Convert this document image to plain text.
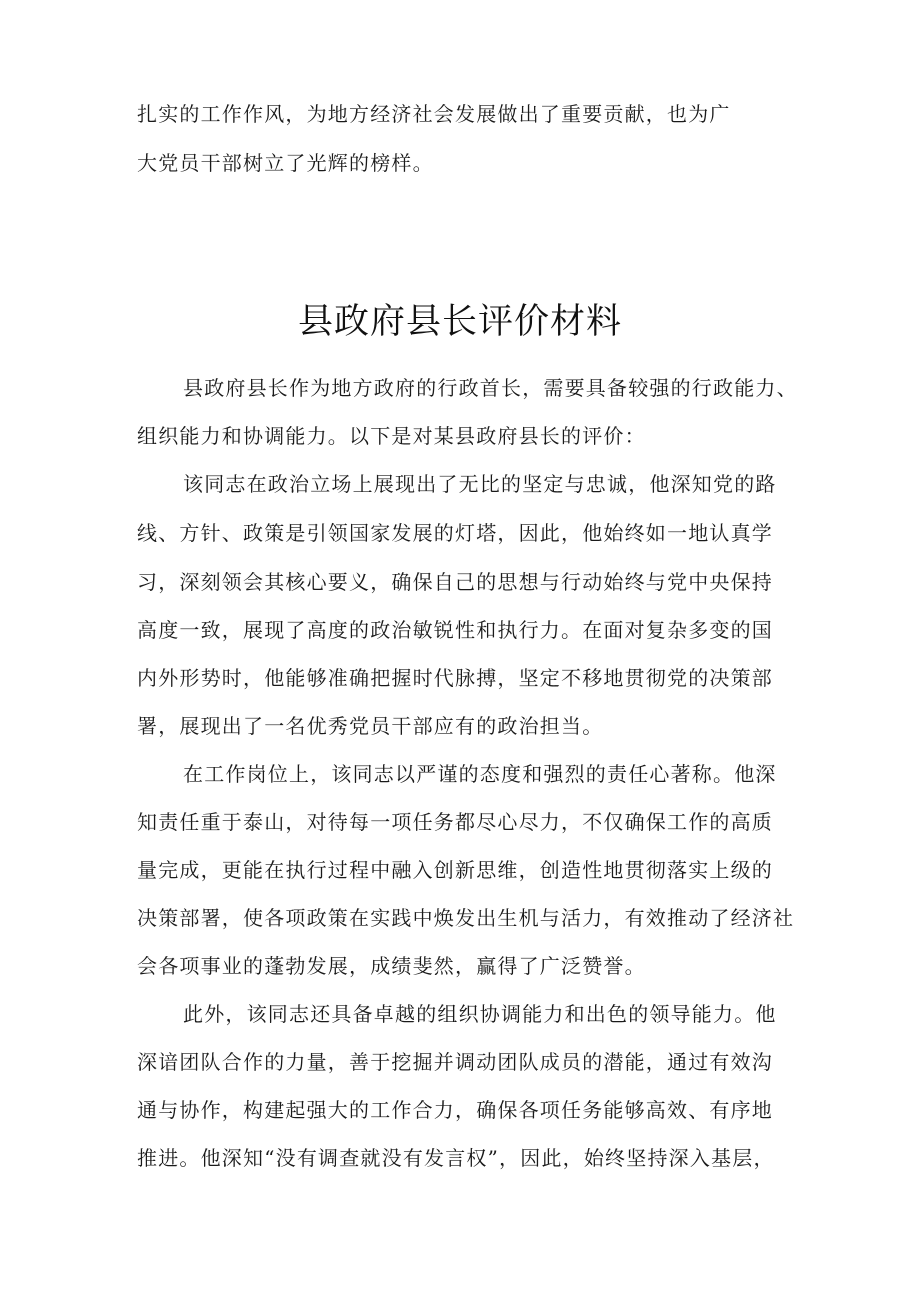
扎实的工作作风，为地方经济社会发展做出了重要贡献，也为广
大党员干部树立了光辉的榜样。
县政府县长评价材料
县政府县长作为地方政府的行政首长，需要具备较强的行政能力、
组织能力和协调能力。以下是对某县政府县长的评价：
该同志在政治立场上展现出了无比的坚定与忠诚，他深知党的路
线、方针、政策是引领国家发展的灯塔，因此，他始终如一地认真学
习，深刻领会其核心要义，确保自己的思想与行动始终与党中央保持
高度一致，展现了高度的政治敏锐性和执行力。在面对复杂多变的国
内外形势时，他能够准确把握时代脉搏，坚定不移地贯彻党的决策部
署，展现出了一名优秀党员干部应有的政治担当。
在工作岗位上，该同志以严谨的态度和强烈的责任心著称。他深
知责任重于泰山，对待每一项任务都尽心尽力，不仅确保工作的高质
量完成，更能在执行过程中融入创新思维，创造性地贯彻落实上级的
决策部署，使各项政策在实践中焕发出生机与活力，有效推动了经济社
会各项事业的蓬勃发展，成绩斐然，赢得了广泛赞誉。
此外，该同志还具备卓越的组织协调能力和出色的领导能力。他
深谙团队合作的力量，善于挖掘并调动团队成员的潜能，通过有效沟
通与协作，构建起强大的工作合力，确保各项任务能够高效、有序地
推进。他深知“没有调查就没有发言权”，因此，始终坚持深入基层，
